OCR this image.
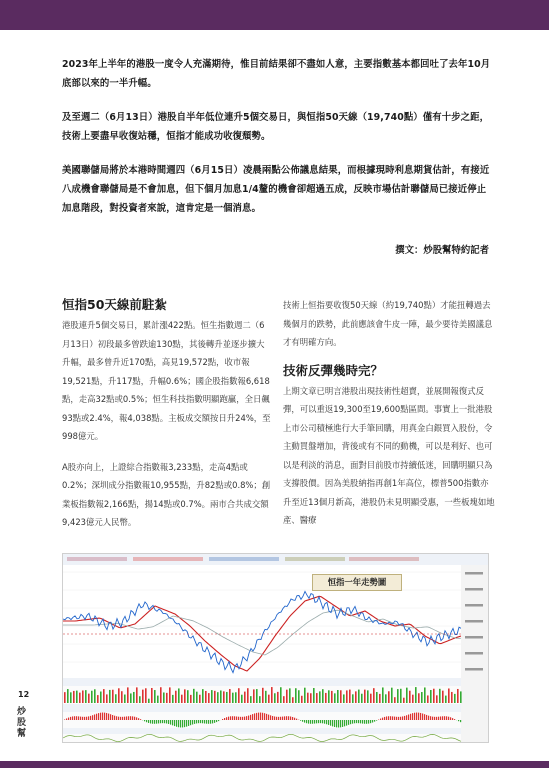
2023年上半年的港股一度令人充滿期待，惟目前結果卻不盡如人意，主要指數基本都回吐了去年10月底部以來的一半升幅。

及至週二（6月13日）港股自半年低位連升5個交易日，與恒指50天線（19,740點）僅有十步之距，技術上要盡早收復站穩，恒指才能成功收復頹勢。

美國聯儲局將於本港時間週四（6月15日）凌晨兩點公佈議息結果，而根據現時利息期貨估計，有接近八成機會聯儲局是不會加息，但下個月加息1/4釐的機會卻超過五成，反映市場估計聯儲局已接近停止加息階段，對投資者來說，這肯定是一個消息。

撰文：炒股幫特約記者
恒指50天線前駐紮

港股連升5個交易日，累計漲422點。恒生指數週二（6月13日）初段最多曾跌逾130點，其後轉升並逐步擴大升幅，最多曾升近170點，高見19,572點，收市報19,521點，升117點，升幅0.6%；國企股指數報6,618點，走高32點或0.5%；恒生科技指數明顯跑贏，全日飆93點或2.4%，報4,038點。主板成交額按日升24%，至998億元。

A股亦向上，上證綜合指數報3,233點，走高4點或0.2%；深圳成分指數報10,955點，升82點或0.8%；創業板指數報2,166點，揚14點或0.7%。兩市合共成交額9,423億元人民幣。

技術上恒指要收復50天線（約19,740點）才能扭轉過去幾個月的跌勢，此前應該會牛皮一陣，最少要待美國議息才有明確方向。

技術反彈幾時完？

上期文章已明言港股出現技術性超賣，並展開報復式反彈，可以重返19,300至19,600點區間。事實上一批港股上市公司積極進行大手筆回購，用真金白銀買入股份，令主動買盤增加，背後或有不同的動機，可以是利好、也可以是利淡的消息，面對目前股市持續低迷，回購明顯只為支撐股價。因為美股納指再創1年高位，標普500指數亦升至近13個月新高，港股仍未見明顯受惠，一些板塊如地產、醫療

恒指一年走勢圖
12
炒股幫
